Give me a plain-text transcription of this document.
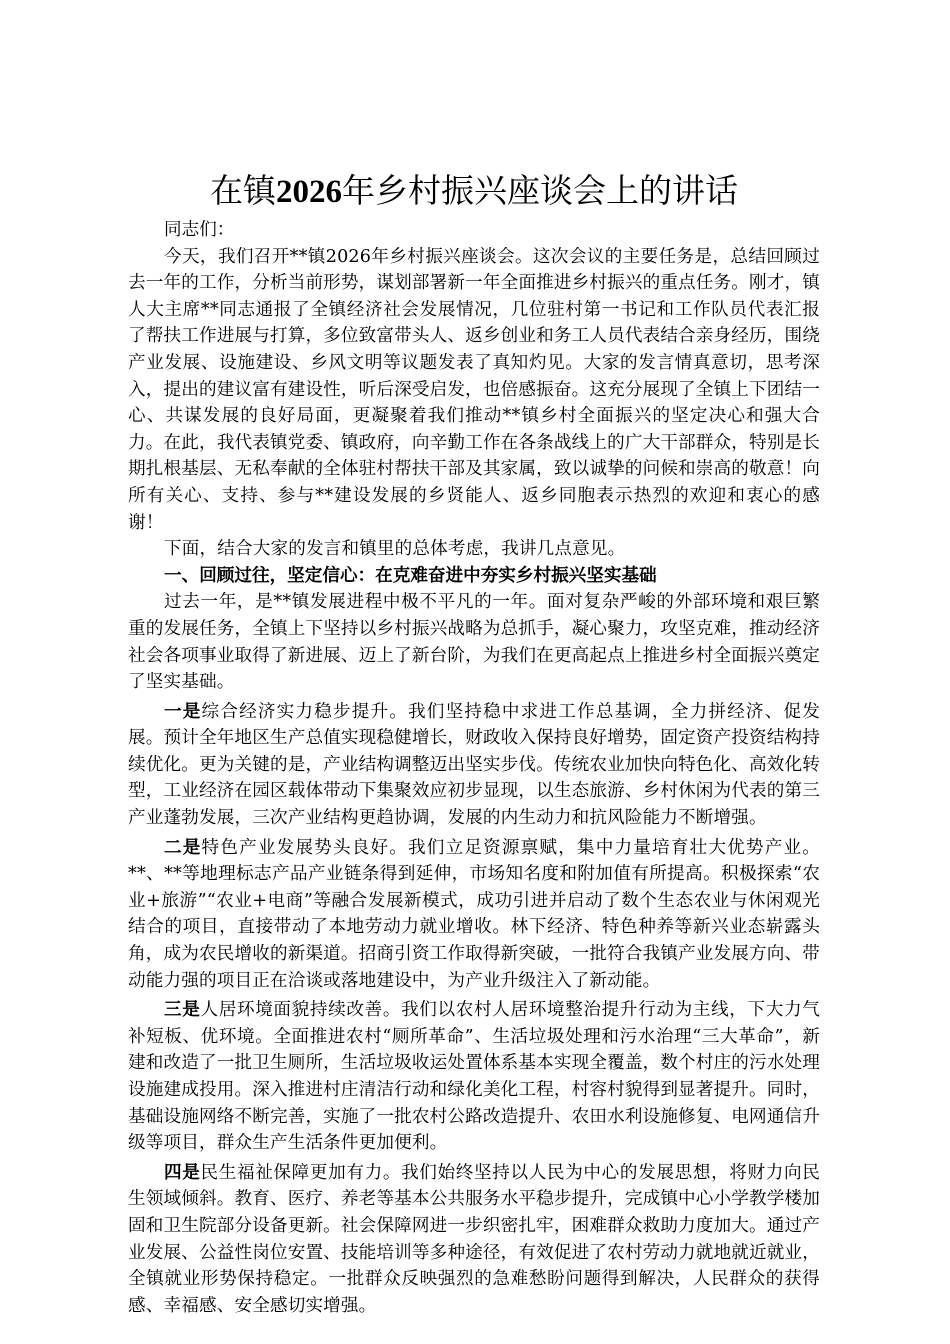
在镇2026年乡村振兴座谈会上的讲话

同志们：

今天，我们召开**镇2026年乡村振兴座谈会。这次会议的主要任务是，总结回顾过去一年的工作，分析当前形势，谋划部署新一年全面推进乡村振兴的重点任务。刚才，镇人大主席**同志通报了全镇经济社会发展情况，几位驻村第一书记和工作队员代表汇报了帮扶工作进展与打算，多位致富带头人、返乡创业和务工人员代表结合亲身经历，围绕产业发展、设施建设、乡风文明等议题发表了真知灼见。大家的发言情真意切，思考深入，提出的建议富有建设性，听后深受启发，也倍感振奋。这充分展现了全镇上下团结一心、共谋发展的良好局面，更凝聚着我们推动**镇乡村全面振兴的坚定决心和强大合力。在此，我代表镇党委、镇政府，向辛勤工作在各条战线上的广大干部群众，特别是长期扎根基层、无私奉献的全体驻村帮扶干部及其家属，致以诚挚的问候和崇高的敬意！向所有关心、支持、参与**建设发展的乡贤能人、返乡同胞表示热烈的欢迎和衷心的感谢！

下面，结合大家的发言和镇里的总体考虑，我讲几点意见。

一、回顾过往，坚定信心：在克难奋进中夯实乡村振兴坚实基础

过去一年，是**镇发展进程中极不平凡的一年。面对复杂严峻的外部环境和艰巨繁重的发展任务，全镇上下坚持以乡村振兴战略为总抓手，凝心聚力，攻坚克难，推动经济社会各项事业取得了新进展、迈上了新台阶，为我们在更高起点上推进乡村全面振兴奠定了坚实基础。

一是综合经济实力稳步提升。我们坚持稳中求进工作总基调，全力拼经济、促发展。预计全年地区生产总值实现稳健增长，财政收入保持良好增势，固定资产投资结构持续优化。更为关键的是，产业结构调整迈出坚实步伐。传统农业加快向特色化、高效化转型，工业经济在园区载体带动下集聚效应初步显现，以生态旅游、乡村休闲为代表的第三产业蓬勃发展，三次产业结构更趋协调，发展的内生动力和抗风险能力不断增强。

二是特色产业发展势头良好。我们立足资源禀赋，集中力量培育壮大优势产业。**、**等地理标志产品产业链条得到延伸，市场知名度和附加值有所提高。积极探索“农业+旅游”“农业+电商”等融合发展新模式，成功引进并启动了数个生态农业与休闲观光结合的项目，直接带动了本地劳动力就业增收。林下经济、特色种养等新兴业态崭露头角，成为农民增收的新渠道。招商引资工作取得新突破，一批符合我镇产业发展方向、带动能力强的项目正在洽谈或落地建设中，为产业升级注入了新动能。

三是人居环境面貌持续改善。我们以农村人居环境整治提升行动为主线，下大力气补短板、优环境。全面推进农村“厕所革命”、生活垃圾处理和污水治理“三大革命”，新建和改造了一批卫生厕所，生活垃圾收运处置体系基本实现全覆盖，数个村庄的污水处理设施建成投用。深入推进村庄清洁行动和绿化美化工程，村容村貌得到显著提升。同时，基础设施网络不断完善，实施了一批农村公路改造提升、农田水利设施修复、电网通信升级等项目，群众生产生活条件更加便利。

四是民生福祉保障更加有力。我们始终坚持以人民为中心的发展思想，将财力向民生领域倾斜。教育、医疗、养老等基本公共服务水平稳步提升，完成镇中心小学教学楼加固和卫生院部分设备更新。社会保障网进一步织密扎牢，困难群众救助力度加大。通过产业发展、公益性岗位安置、技能培训等多种途径，有效促进了农村劳动力就地就近就业，全镇就业形势保持稳定。一批群众反映强烈的急难愁盼问题得到解决，人民群众的获得感、幸福感、安全感切实增强。
